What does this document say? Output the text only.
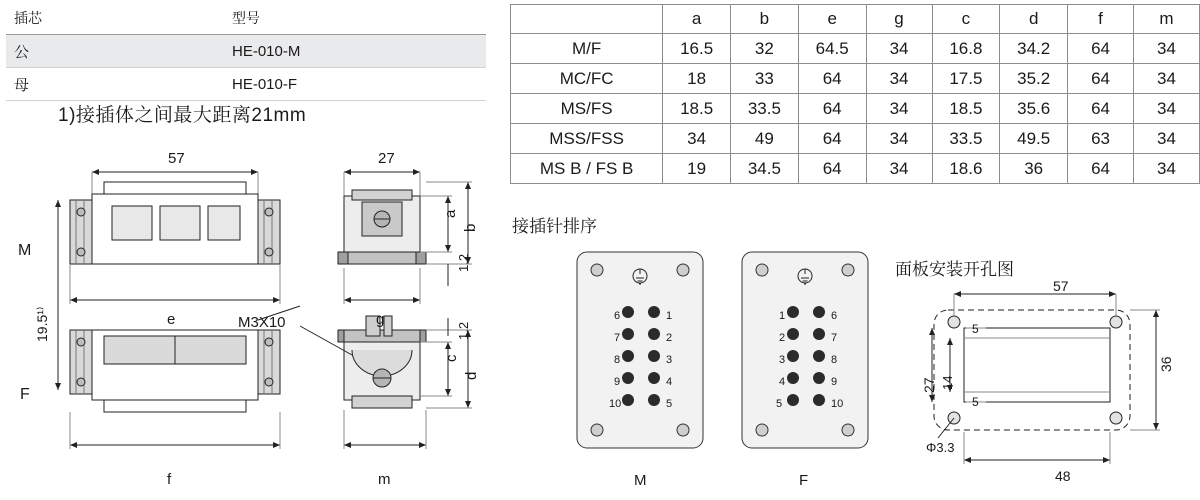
插芯	型号
公	HE-010-M
母	HE-010-F
1)接插体之间最大距离21mm
	a	b	e	g	c	d	f	m
M/F	16.5	32	64.5	34	16.8	34.2	64	34
MC/FC	18	33	64	34	17.5	35.2	64	34
MS/FS	18.5	33.5	64	34	18.5	35.6	64	34
MSS/FSS	34	49	64	34	33.5	49.5	63	34
MS B / FS B	19	34.5	64	34	18.6	36	64	34
接插针排序
面板安装开孔图
57	27
M
F
e
f
g
m
a
b
c
d
1.2
1.2
19.5¹⁾	M3X10	6
7
8
9
10
1
2
3
4
5
M
1
2
3
4
5
6
7
8
9
10
F
57
48
36
27 14
5
5
Φ3.3
